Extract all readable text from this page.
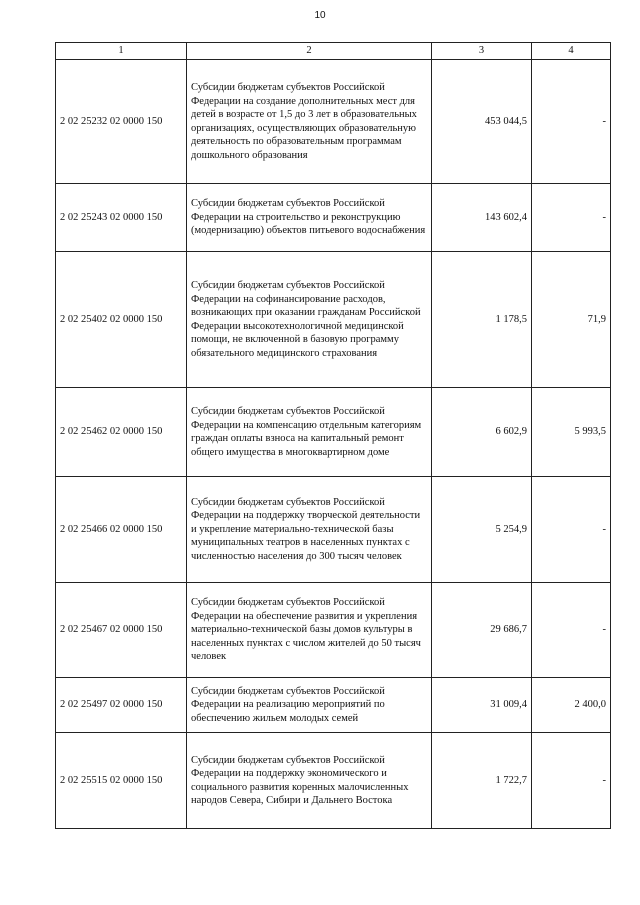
10
1	2	3	4
2 02 25232 02 0000 150	Субсидии бюджетам субъектов Российской Федерации на создание дополнительных мест для детей в возрасте от 1,5 до 3 лет в образовательных организациях, осуществляющих образовательную деятельность по образовательным программам дошкольного образования	453 044,5	-
2 02 25243 02 0000 150	Субсидии бюджетам субъектов Российской Федерации на строительство и реконструкцию (модернизацию) объектов питьевого водоснабжения	143 602,4	-
2 02 25402 02 0000 150	Субсидии бюджетам субъектов Российской Федерации на софинансирование расходов, возникающих при оказании гражданам Российской Федерации высокотехнологичной медицинской помощи, не включенной в базовую программу обязательного медицинского страхования	1 178,5	71,9
2 02 25462 02 0000 150	Субсидии бюджетам субъектов Российской Федерации на компенсацию отдельным категориям граждан оплаты взноса на капитальный ремонт общего имущества в многоквартирном доме	6 602,9	5 993,5
2 02 25466 02 0000 150	Субсидии бюджетам субъектов Российской Федерации на поддержку творческой деятельности и укрепление материально-технической базы муниципальных театров в населенных пунктах с численностью населения до 300 тысяч человек	5 254,9	-
2 02 25467 02 0000 150	Субсидии бюджетам субъектов Российской Федерации на обеспечение развития и укрепления материально-технической базы домов культуры в населенных пунктах с числом жителей до 50 тысяч человек	29 686,7	-
2 02 25497 02 0000 150	Субсидии бюджетам субъектов Российской Федерации на реализацию мероприятий по обеспечению жильем молодых семей	31 009,4	2 400,0
2 02 25515 02 0000 150	Субсидии бюджетам субъектов Российской Федерации на поддержку экономического и социального развития коренных малочисленных народов Севера, Сибири и Дальнего Востока	1 722,7	-
